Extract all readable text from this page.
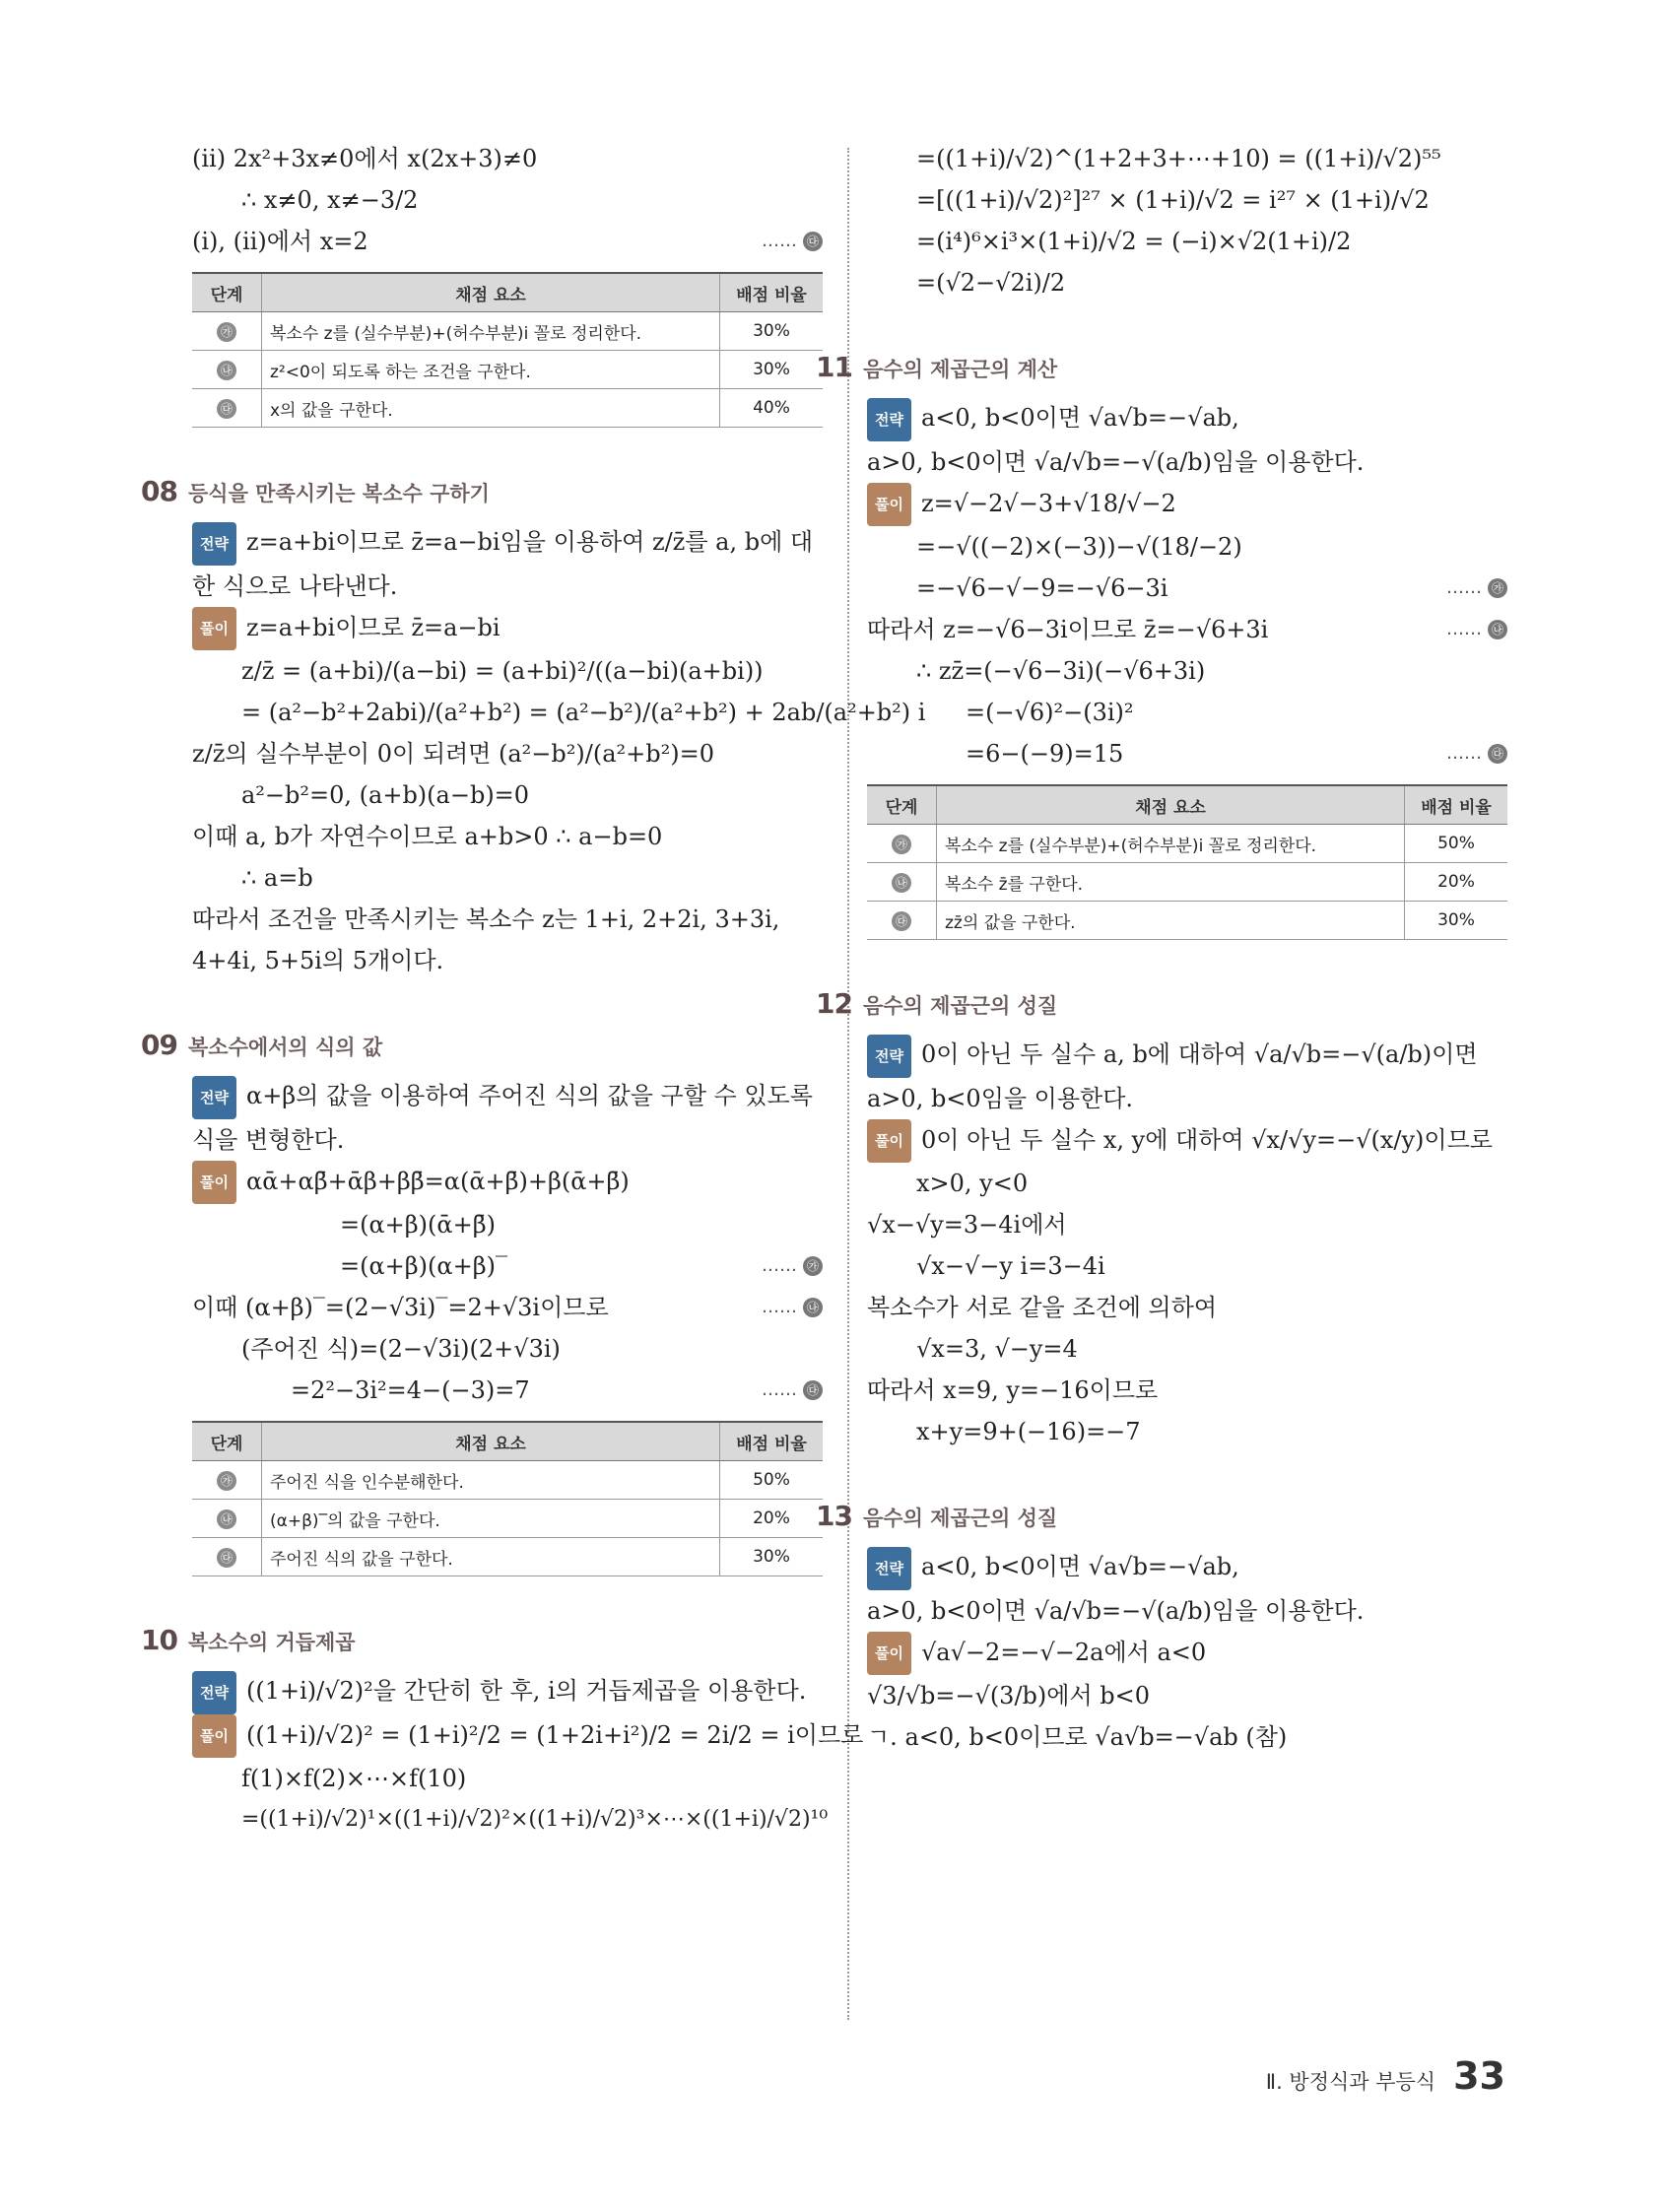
(ⅱ) 2x²+3x≠0에서 x(2x+3)≠0
∴ x≠0, x≠−3/2
(ⅰ), (ⅱ)에서 x=2	…… ㉰
단계	채점 요소	배점 비율
㉮	복소수 z를 (실수부분)+(허수부분)i 꼴로 정리한다.	30%
㉯	z²<0이 되도록 하는 조건을 구한다.	30%
㉰	x의 값을 구한다.	40%
08 등식을 만족시키는 복소수 구하기
전략 z=a+bi이므로 z̄=a−bi임을 이용하여 z/z̄를 a, b에 대한 식으로 나타낸다.
풀이 z=a+bi이므로 z̄=a−bi
z/z̄ = (a+bi)/(a−bi) = (a+bi)²/((a−bi)(a+bi))
= (a²−b²+2abi)/(a²+b²) = (a²−b²)/(a²+b²) + 2ab/(a²+b²) i
z/z̄의 실수부분이 0이 되려면 (a²−b²)/(a²+b²)=0
a²−b²=0, (a+b)(a−b)=0
이때 a, b가 자연수이므로 a+b>0 ∴ a−b=0
∴ a=b
따라서 조건을 만족시키는 복소수 z는 1+i, 2+2i, 3+3i,
4+4i, 5+5i의 5개이다.
09 복소수에서의 식의 값
전략 α+β의 값을 이용하여 주어진 식의 값을 구할 수 있도록 식을 변형한다.
풀이 αᾱ+αβ̄+ᾱβ+ββ̄=α(ᾱ+β̄)+β(ᾱ+β̄)
=(α+β)(ᾱ+β̄)
=(α+β)(α+β)‾	…… ㉮
이때 (α+β)‾=(2−√3i)‾=2+√3i이므로	…… ㉯
(주어진 식)=(2−√3i)(2+√3i)
=2²−3i²=4−(−3)=7	…… ㉰
단계	채점 요소	배점 비율
㉮	주어진 식을 인수분해한다.	50%
㉯	(α+β)‾의 값을 구한다.	20%
㉰	주어진 식의 값을 구한다.	30%
10 복소수의 거듭제곱
전략 ((1+i)/√2)²을 간단히 한 후, i의 거듭제곱을 이용한다.
풀이 ((1+i)/√2)² = (1+i)²/2 = (1+2i+i²)/2 = 2i/2 = i이므로
f(1)×f(2)×⋯×f(10)
=((1+i)/√2)¹×((1+i)/√2)²×((1+i)/√2)³×⋯×((1+i)/√2)¹⁰
=((1+i)/√2)^(1+2+3+⋯+10) = ((1+i)/√2)⁵⁵
=[((1+i)/√2)²]²⁷ × (1+i)/√2 = i²⁷ × (1+i)/√2
=(i⁴)⁶×i³×(1+i)/√2 = (−i)×√2(1+i)/2
=(√2−√2i)/2
11 음수의 제곱근의 계산
전략 a<0, b<0이면 √a√b=−√ab,
a>0, b<0이면 √a/√b=−√(a/b)임을 이용한다.
풀이 z=√−2√−3+√18/√−2
=−√((−2)×(−3))−√(18/−2)
=−√6−√−9=−√6−3i	…… ㉮
따라서 z=−√6−3i이므로 z̄=−√6+3i	…… ㉯
∴ zz̄=(−√6−3i)(−√6+3i)
=(−√6)²−(3i)²
=6−(−9)=15	…… ㉰
단계	채점 요소	배점 비율
㉮	복소수 z를 (실수부분)+(허수부분)i 꼴로 정리한다.	50%
㉯	복소수 z̄를 구한다.	20%
㉰	zz̄의 값을 구한다.	30%
12 음수의 제곱근의 성질
전략 0이 아닌 두 실수 a, b에 대하여 √a/√b=−√(a/b)이면
a>0, b<0임을 이용한다.
풀이 0이 아닌 두 실수 x, y에 대하여 √x/√y=−√(x/y)이므로
x>0, y<0
√x−√y=3−4i에서
√x−√−y i=3−4i
복소수가 서로 같을 조건에 의하여
√x=3, √−y=4
따라서 x=9, y=−16이므로
x+y=9+(−16)=−7
13 음수의 제곱근의 성질
전략 a<0, b<0이면 √a√b=−√ab,
a>0, b<0이면 √a/√b=−√(a/b)임을 이용한다.
풀이 √a√−2=−√−2a에서 a<0
√3/√b=−√(3/b)에서 b<0
ㄱ. a<0, b<0이므로 √a√b=−√ab (참)
Ⅱ. 방정식과 부등식 33
